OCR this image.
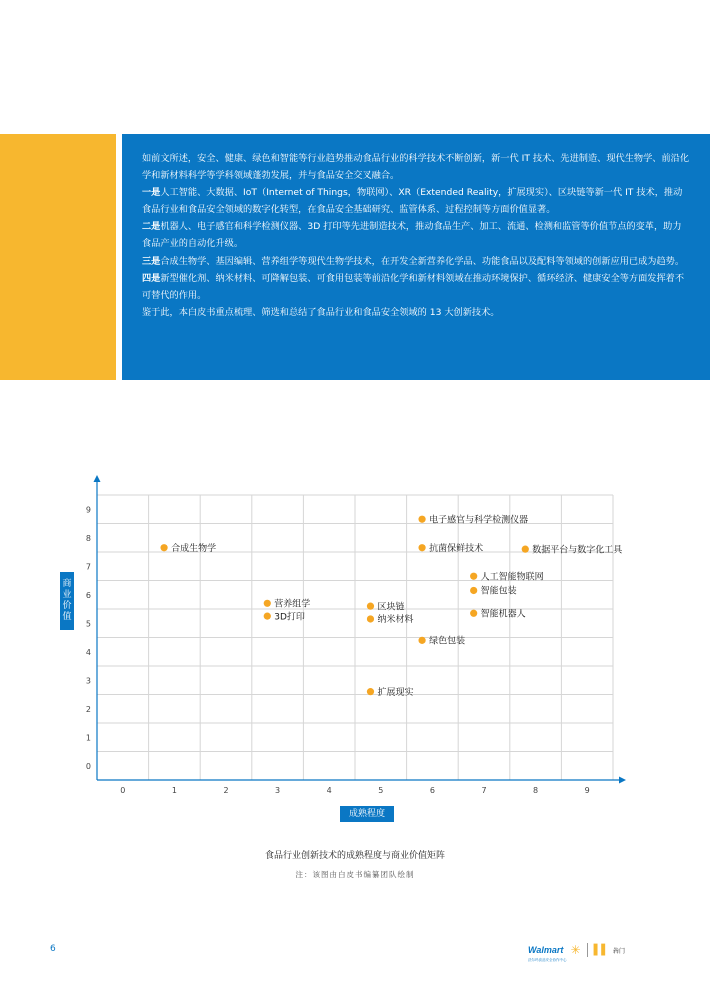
如前文所述，安全、健康、绿色和智能等行业趋势推动食品行业的科学技术不断创新，新一代 IT 技术、先进制造、现代生物学、前沿化学和新材料科学等学科领域蓬勃发展，并与食品安全交叉融合。

一是人工智能、大数据、IoT（Internet of Things，物联网）、XR（Extended Reality，扩展现实）、区块链等新一代 IT 技术，推动食品行业和食品安全领域的数字化转型，在食品安全基础研究、监管体系、过程控制等方面价值显著。

二是机器人、电子感官和科学检测仪器、3D 打印等先进制造技术，推动食品生产、加工、流通、检测和监管等价值节点的变革，助力食品产业的自动化升级。

三是合成生物学、基因编辑、营养组学等现代生物学技术，在开发全新营养化学品、功能食品以及配料等领域的创新应用已成为趋势。

四是新型催化剂、纳米材料、可降解包装、可食用包装等前沿化学和新材料领域在推动环境保护、循环经济、健康安全等方面发挥着不可替代的作用。

鉴于此，本白皮书重点梳理、筛选和总结了食品行业和食品安全领域的 13 大创新技术。

0	1	2	3	4	5	6	7	8	9
0
1
2
3
4
5
6
7
8
9
电子感官与科学检测仪器
合成生物学	抗菌保鲜技术	数据平台与数字化工具
人工智能物联网
智能包装
营养组学	区块链
3D打印	纳米材料
智能机器人
绿色包装
扩展现实
商业
价值
成熟程度
食品行业创新技术的成熟程度与商业价值矩阵
注：该图由白皮书编纂团队绘制
6	Walmart
沃尔玛食品安全协作中心
✳ ▌▌ 犇门
